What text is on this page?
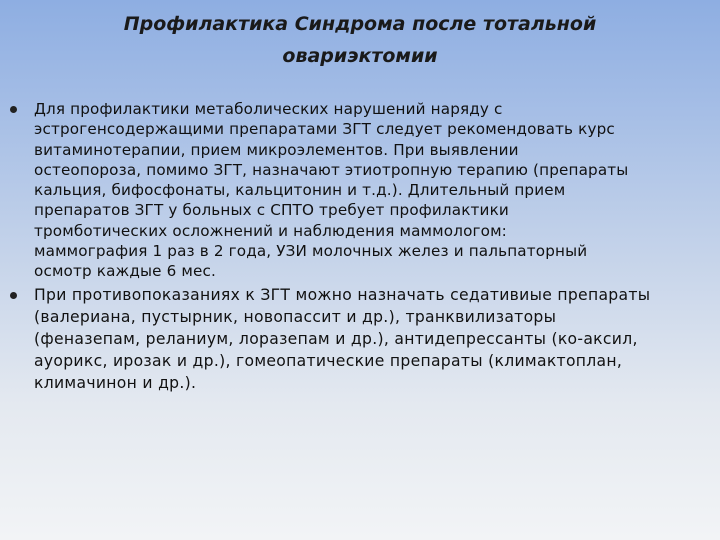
Профилактика Синдрома после тотальной
овариэктомии
Для профилактики метаболических нарушений наряду с
эстрогенсодержащими препаратами ЗГТ следует рекомендовать курс
витаминотерапии, прием микроэлементов. При выявлении
остеопороза, помимо ЗГТ, назначают этиотропную терапию (препараты
кальция, бифосфонаты, кальцитонин и т.д.). Длительный прием
препаратов ЗГТ у больных с СПТО требует профилактики
тромботических осложнений и наблюдения маммологом:
маммография 1 раз в 2 года, УЗИ молочных желез и пальпаторный
осмотр каждые 6 мес.
При противопоказаниях к ЗГТ можно назначать седативиые препараты
(валериана, пустырник, новопассит и др.), транквилизаторы
(феназепам, реланиум, лоразепам и др.), антидепрессанты (ко-аксил,
ауорикс, ирозак и др.), гомеопатические препараты (климактоплан,
климачинон и др.).
